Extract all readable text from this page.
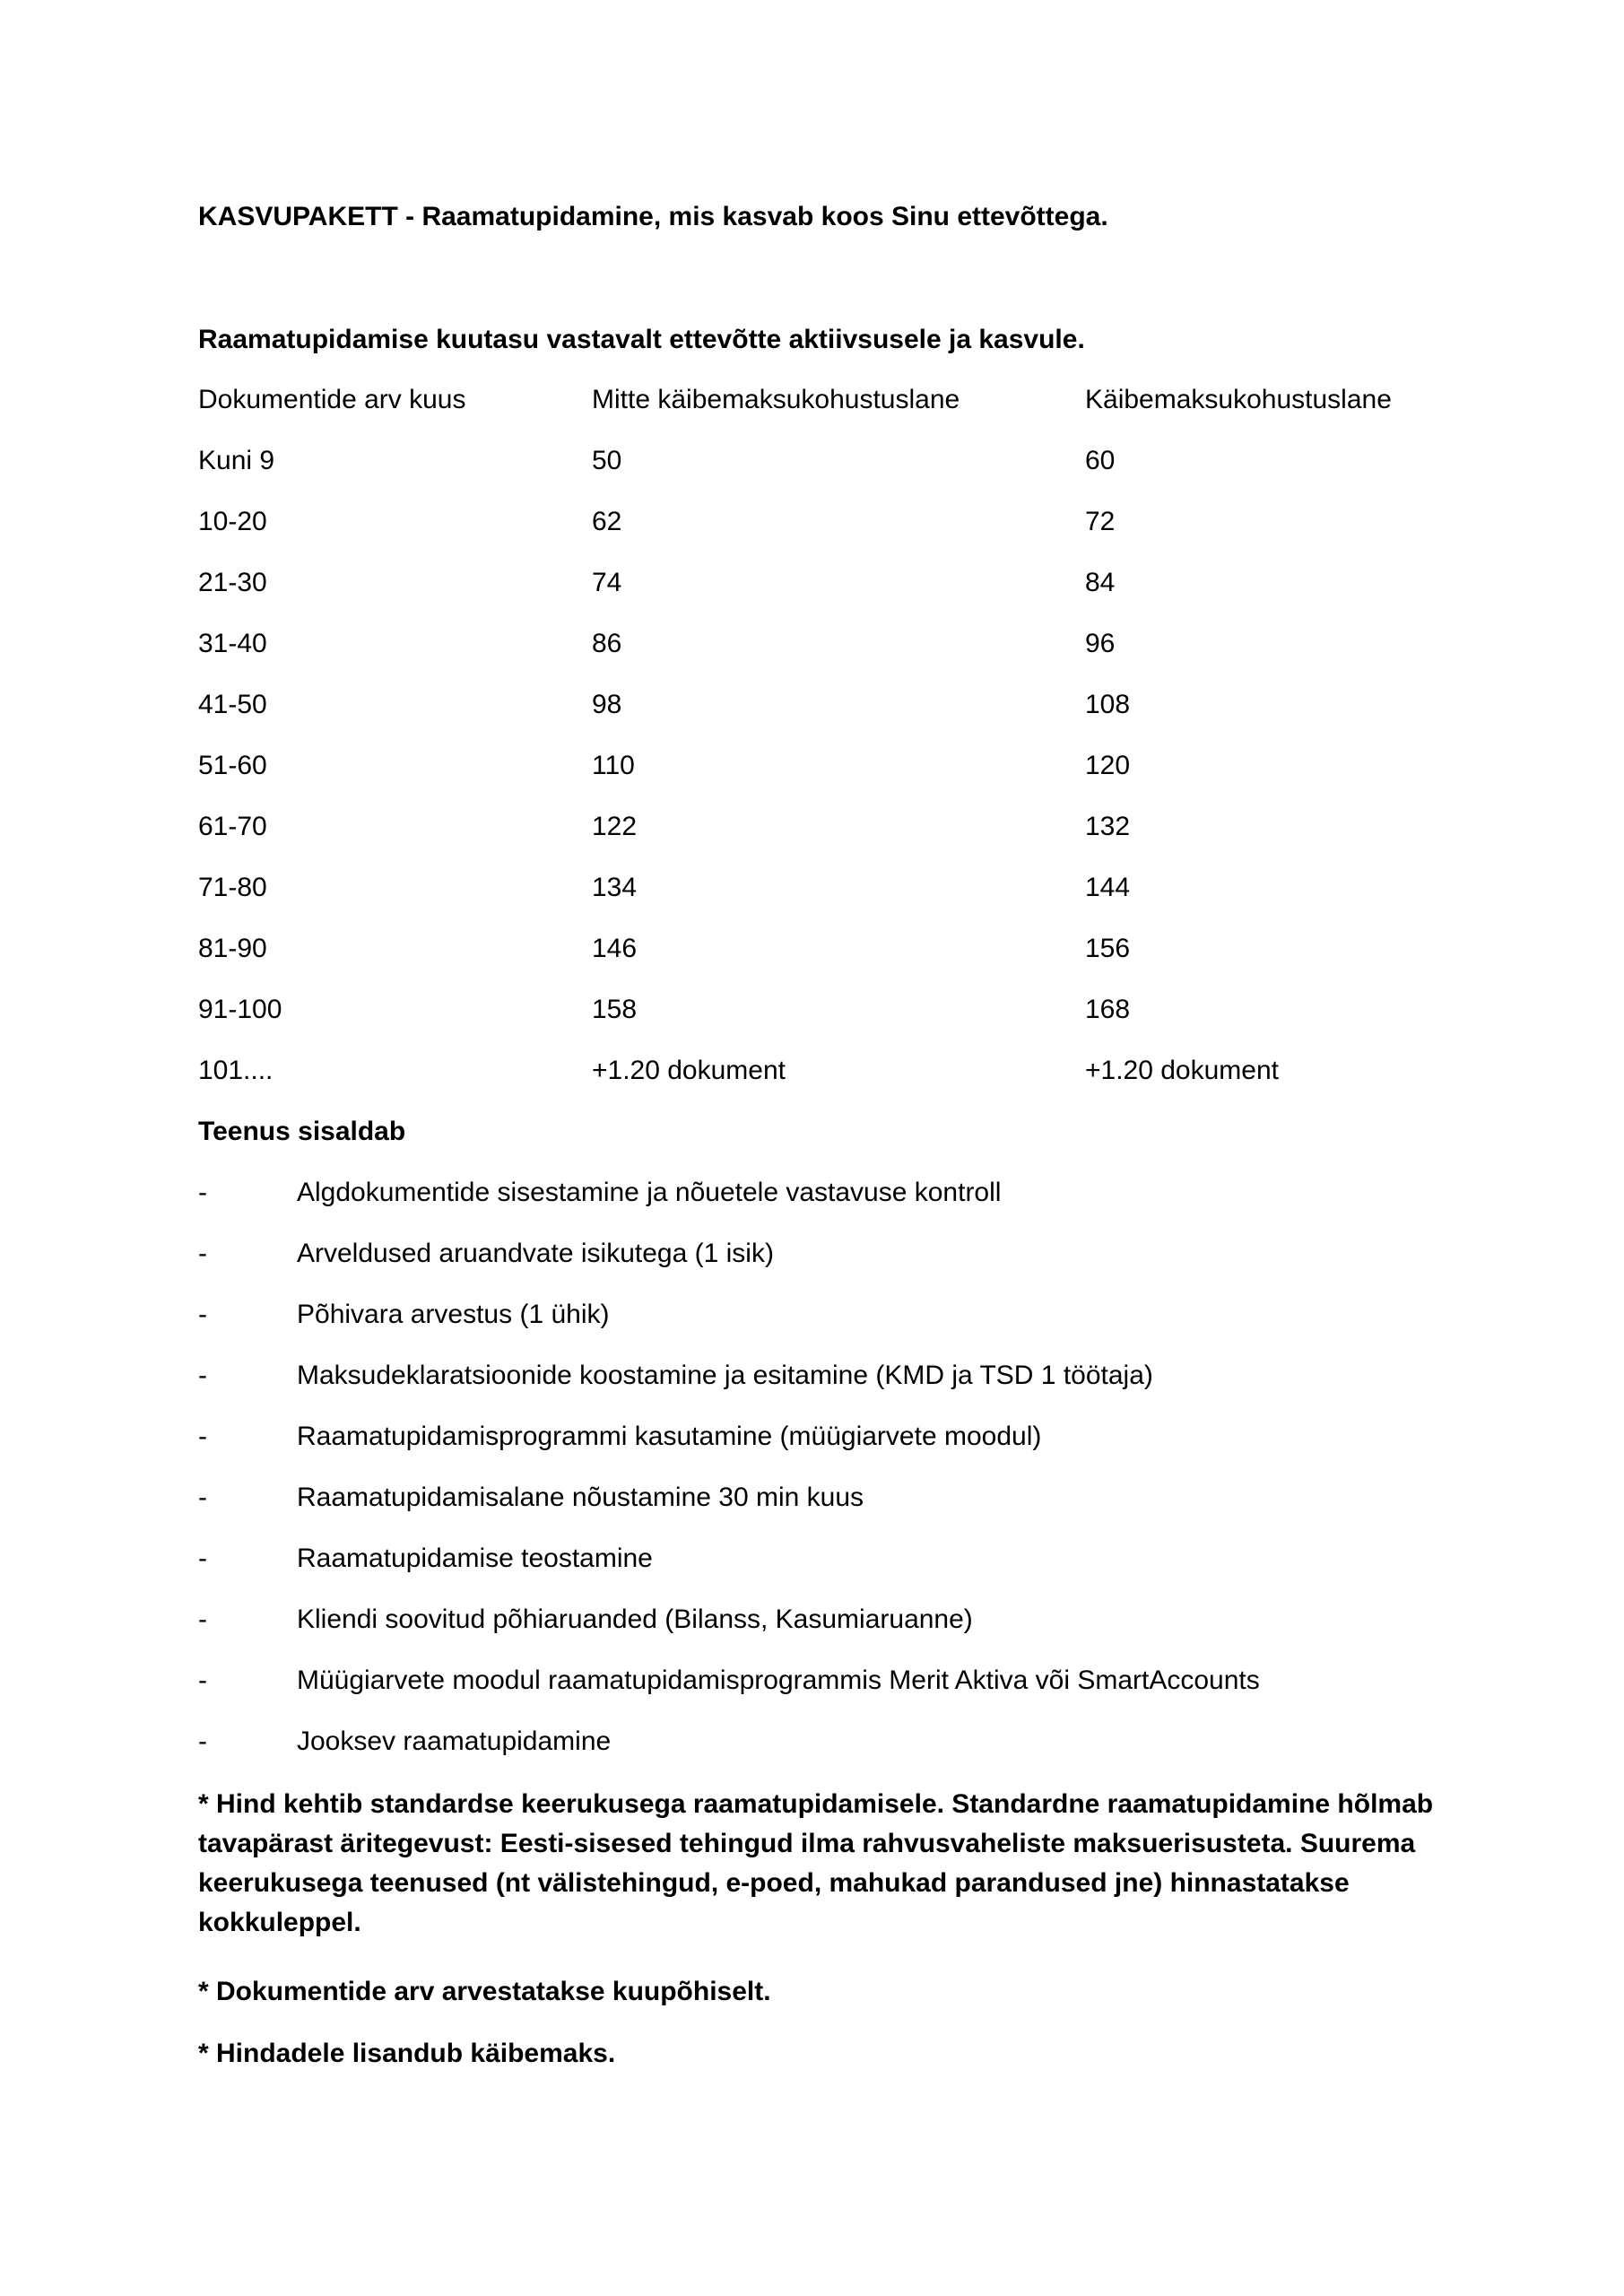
KASVUPAKETT - Raamatupidamine, mis kasvab koos Sinu ettevõttega.
Raamatupidamise kuutasu vastavalt ettevõtte aktiivsusele ja kasvule.
Dokumentide arv kuus	Mitte käibemaksukohustuslane	Käibemaksukohustuslane
Kuni 9	50	60
10-20	62	72
21-30	74	84
31-40	86	96
41-50	98	108
51-60	110	120
61-70	122	132
71-80	134	144
81-90	146	156
91-100	158	168
101....	+1.20 dokument	+1.20 dokument
Teenus sisaldab
-	Algdokumentide sisestamine ja nõuetele vastavuse kontroll
-	Arveldused aruandvate isikutega (1 isik)
-	Põhivara arvestus (1 ühik)
-	Maksudeklaratsioonide koostamine ja esitamine (KMD ja TSD 1 töötaja)
-	Raamatupidamisprogrammi kasutamine (müügiarvete moodul)
-	Raamatupidamisalane nõustamine 30 min kuus
-	Raamatupidamise teostamine
-	Kliendi soovitud põhiaruanded (Bilanss, Kasumiaruanne)
-	Müügiarvete moodul raamatupidamisprogrammis Merit Aktiva või SmartAccounts
-	Jooksev raamatupidamine
* Hind kehtib standardse keerukusega raamatupidamisele. Standardne raamatupidamine hõlmab tavapärast äritegevust: Eesti-sisesed tehingud ilma rahvusvaheliste maksuerisusteta. Suurema keerukusega teenused (nt välistehingud, e-poed, mahukad parandused jne) hinnastatakse kokkuleppel.
* Dokumentide arv arvestatakse kuupõhiselt.
* Hindadele lisandub käibemaks.
